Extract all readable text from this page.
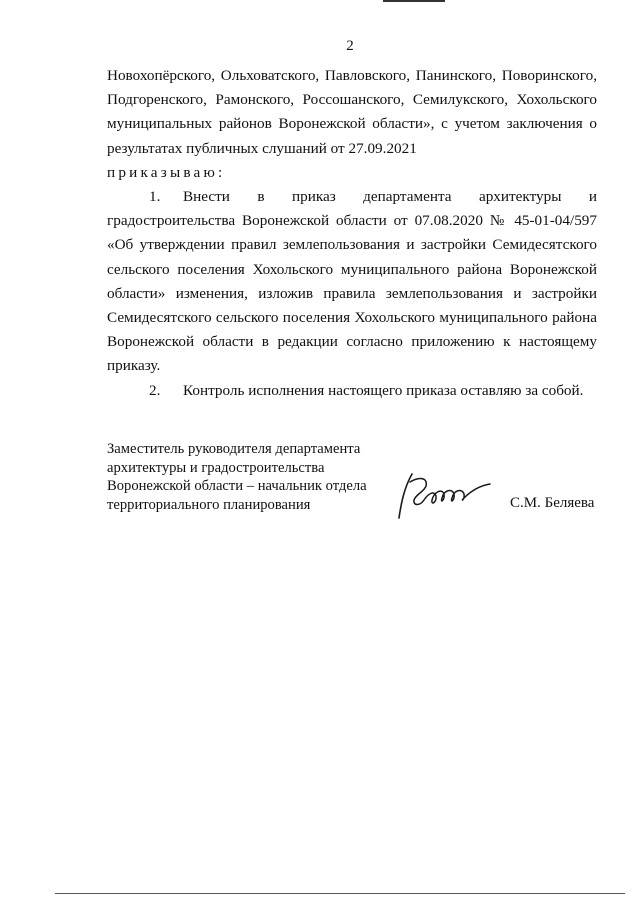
2
Новохопёрского, Ольховатского, Павловского, Панинского, Поворинского,
Подгоренского, Рамонского, Россошанского, Семилукского, Хохольского
муниципальных районов Воронежской области», с учетом заключения о
результатах публичных слушаний от 27.09.2021
приказываю:
1. Внести в приказ департамента архитектуры и
градостроительства Воронежской области от 07.08.2020 № 45-01-04/597
«Об утверждении правил землепользования и застройки Семидесятского
сельского поселения Хохольского муниципального района Воронежской
области» изменения, изложив правила землепользования и застройки
Семидесятского сельского поселения Хохольского муниципального района
Воронежской области в редакции согласно приложению к настоящему
приказу.
2. Контроль исполнения настоящего приказа оставляю за собой.
Заместитель руководителя департамента
архитектуры и градостроительства
Воронежской области – начальник отдела
территориального планирования	С.М. Беляева
